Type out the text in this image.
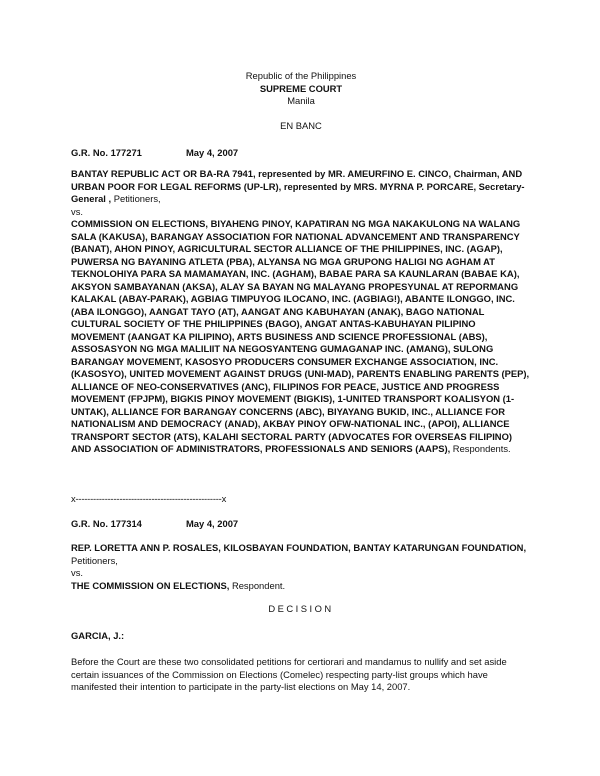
Republic of the Philippines
SUPREME COURT
Manila
EN BANC
G.R. No. 177271	May 4, 2007
BANTAY REPUBLIC ACT OR BA-RA 7941, represented by MR. AMEURFINO E. CINCO, Chairman, AND URBAN POOR FOR LEGAL REFORMS (UP-LR), represented by MRS. MYRNA P. PORCARE, Secretary-General , Petitioners,
vs.
COMMISSION ON ELECTIONS, BIYAHENG PINOY, KAPATIRAN NG MGA NAKAKULONG NA WALANG SALA (KAKUSA), BARANGAY ASSOCIATION FOR NATIONAL ADVANCEMENT AND TRANSPARENCY (BANAT), AHON PINOY, AGRICULTURAL SECTOR ALLIANCE OF THE PHILIPPINES, INC. (AGAP), PUWERSA NG BAYANING ATLETA (PBA), ALYANSA NG MGA GRUPONG HALIGI NG AGHAM AT TEKNOLOHIYA PARA SA MAMAMAYAN, INC. (AGHAM), BABAE PARA SA KAUNLARAN (BABAE KA), AKSYON SAMBAYANAN (AKSA), ALAY SA BAYAN NG MALAYANG PROPESYUNAL AT REPORMANG KALAKAL (ABAY-PARAK), AGBIAG TIMPUYOG ILOCANO, INC. (AGBIAG!), ABANTE ILONGGO, INC. (ABA ILONGGO), AANGAT TAYO (AT), AANGAT ANG KABUHAYAN (ANAK), BAGO NATIONAL CULTURAL SOCIETY OF THE PHILIPPINES (BAGO), ANGAT ANTAS-KABUHAYAN PILIPINO MOVEMENT (AANGAT KA PILIPINO), ARTS BUSINESS AND SCIENCE PROFESSIONAL (ABS), ASSOSASYON NG MGA MALILIIT NA NEGOSYANTENG GUMAGANAP INC. (AMANG), SULONG BARANGAY MOVEMENT, KASOSYO PRODUCERS CONSUMER EXCHANGE ASSOCIATION, INC. (KASOSYO), UNITED MOVEMENT AGAINST DRUGS (UNI-MAD), PARENTS ENABLING PARENTS (PEP), ALLIANCE OF NEO-CONSERVATIVES (ANC), FILIPINOS FOR PEACE, JUSTICE AND PROGRESS MOVEMENT (FPJPM), BIGKIS PINOY MOVEMENT (BIGKIS), 1-UNITED TRANSPORT KOALISYON (1-UNTAK), ALLIANCE FOR BARANGAY CONCERNS (ABC), BIYAYANG BUKID, INC., ALLIANCE FOR NATIONALISM AND DEMOCRACY (ANAD), AKBAY PINOY OFW-NATIONAL INC., (APOI), ALLIANCE TRANSPORT SECTOR (ATS), KALAHI SECTORAL PARTY (ADVOCATES FOR OVERSEAS FILIPINO) AND ASSOCIATION OF ADMINISTRATORS, PROFESSIONALS AND SENIORS (AAPS), Respondents.
x--------------------------------------------------x
G.R. No. 177314	May 4, 2007
REP. LORETTA ANN P. ROSALES, KILOSBAYAN FOUNDATION, BANTAY KATARUNGAN FOUNDATION, Petitioners,
vs.
THE COMMISSION ON ELECTIONS, Respondent.
DECISION
GARCIA, J.:
Before the Court are these two consolidated petitions for certiorari and mandamus to nullify and set aside certain issuances of the Commission on Elections (Comelec) respecting party-list groups which have manifested their intention to participate in the party-list elections on May 14, 2007.
